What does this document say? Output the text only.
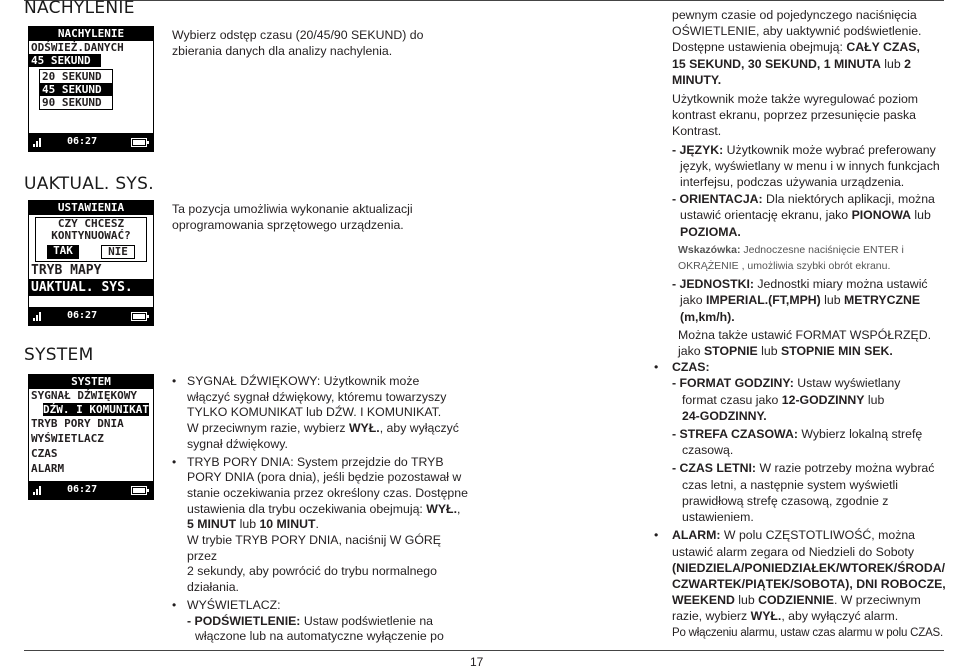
17
NACHYLENIE
NACHYLENIE
ODŚWIEŻ.DANYCH
45 SEKUND
20 SEKUND
45 SEKUND
90 SEKUND
06:27
Wybierz odstęp czasu (20/45/90 SEKUND) do zbierania danych dla analizy nachylenia.
UAKTUAL. SYS.
USTAWIENIA
CZY CHCESZ
KONTYNUOWAĆ?
TAK	NIE
TRYB MAPY
UAKTUAL. SYS.
06:27
Ta pozycja umożliwia wykonanie aktualizacji oprogramowania sprzętowego urządzenia.
SYSTEM
SYSTEM
SYGNAŁ DŹWIĘKOWY
DŹW. I KOMUNIKAT
TRYB PORY DNIA
WYŚWIETLACZ
CZAS
ALARM
06:27
• SYGNAŁ DŹWIĘKOWY: Użytkownik może
włączyć sygnał dźwiękowy, któremu towarzyszy
TYLKO KOMUNIKAT lub DŹW. I KOMUNIKAT.
W przeciwnym razie, wybierz WYŁ., aby wyłączyć
sygnał dźwiękowy.
• TRYB PORY DNIA: System przejdzie do TRYB
PORY DNIA (pora dnia), jeśli będzie pozostawał w
stanie oczekiwania przez określony czas. Dostępne
ustawienia dla trybu oczekiwania obejmują: WYŁ.,
5 MINUT lub 10 MINUT.
W trybie TRYB PORY DNIA, naciśnij W GÓRĘ przez
2 sekundy, aby powrócić do trybu normalnego
działania.
• WYŚWIETLACZ:
- PODŚWIETLENIE: Ustaw podświetlenie na
włączone lub na automatyczne wyłączenie po
pewnym czasie od pojedynczego naciśnięcia
OŚWIETLENIE, aby uaktywnić podświetlenie.
Dostępne ustawienia obejmują: CAŁY CZAS,
15 SEKUND, 30 SEKUND, 1 MINUTA lub 2
MINUTY.
Użytkownik może także wyregulować poziom
kontrast ekranu, poprzez przesunięcie paska
Kontrast.
- JĘZYK: Użytkownik może wybrać preferowany
język, wyświetlany w menu i w innych funkcjach
interfejsu, podczas używania urządzenia.
- ORIENTACJA: Dla niektórych aplikacji, można
ustawić orientację ekranu, jako PIONOWA lub
POZIOMA.
Wskazówka: Jednoczesne naciśnięcie ENTER i
OKRĄŻENIE , umożliwia szybki obrót ekranu.
- JEDNOSTKI: Jednostki miary można ustawić
jako IMPERIAL.(FT,MPH) lub METRYCZNE
(m,km/h).
Można także ustawić FORMAT WSPÓŁRZĘD.
jako STOPNIE lub STOPNIE MIN SEK.
• CZAS:
- FORMAT GODZINY: Ustaw wyświetlany
format czasu jako 12-GODZINNY lub
24-GODZINNY.
- STREFA CZASOWA: Wybierz lokalną strefę
czasową.
- CZAS LETNI: W razie potrzeby można wybrać
czas letni, a następnie system wyświetli
prawidłową strefę czasową, zgodnie z
ustawieniem.
• ALARM: W polu CZĘSTOTLIWOŚĆ, można
ustawić alarm zegara od Niedzieli do Soboty
(NIEDZIELA/PONIEDZIAŁEK/WTOREK/ŚRODA/
CZWARTEK/PIĄTEK/SOBOTA), DNI ROBOCZE,
WEEKEND lub CODZIENNIE. W przeciwnym
razie, wybierz WYŁ., aby wyłączyć alarm.
Po włączeniu alarmu, ustaw czas alarmu w polu CZAS.
